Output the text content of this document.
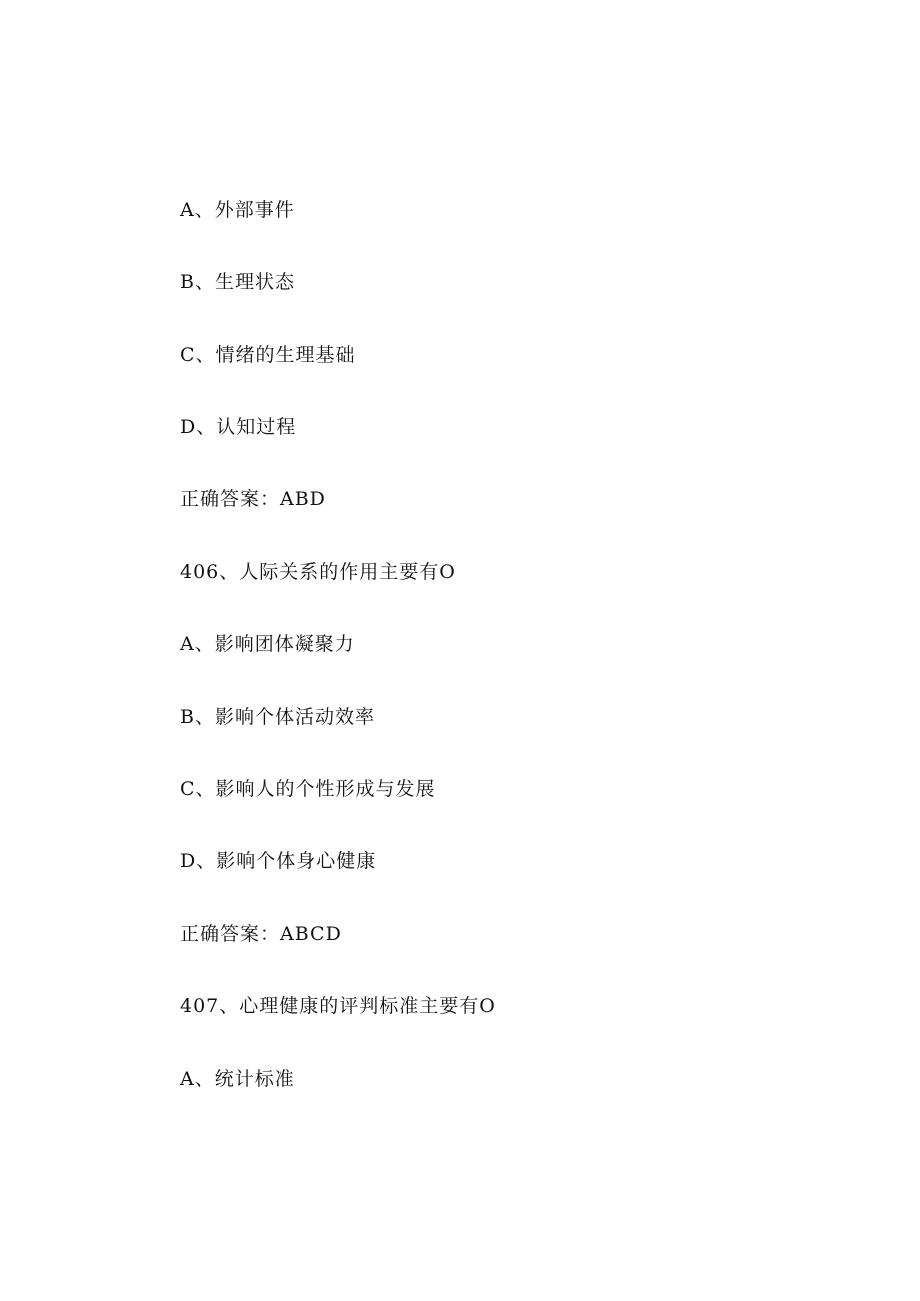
A、外部事件
B、生理状态
C、情绪的生理基础
D、认知过程
正确答案：ABD
406、人际关系的作用主要有O
A、影响团体凝聚力
B、影响个体活动效率
C、影响人的个性形成与发展
D、影响个体身心健康
正确答案：ABCD
407、心理健康的评判标准主要有O
A、统计标准
